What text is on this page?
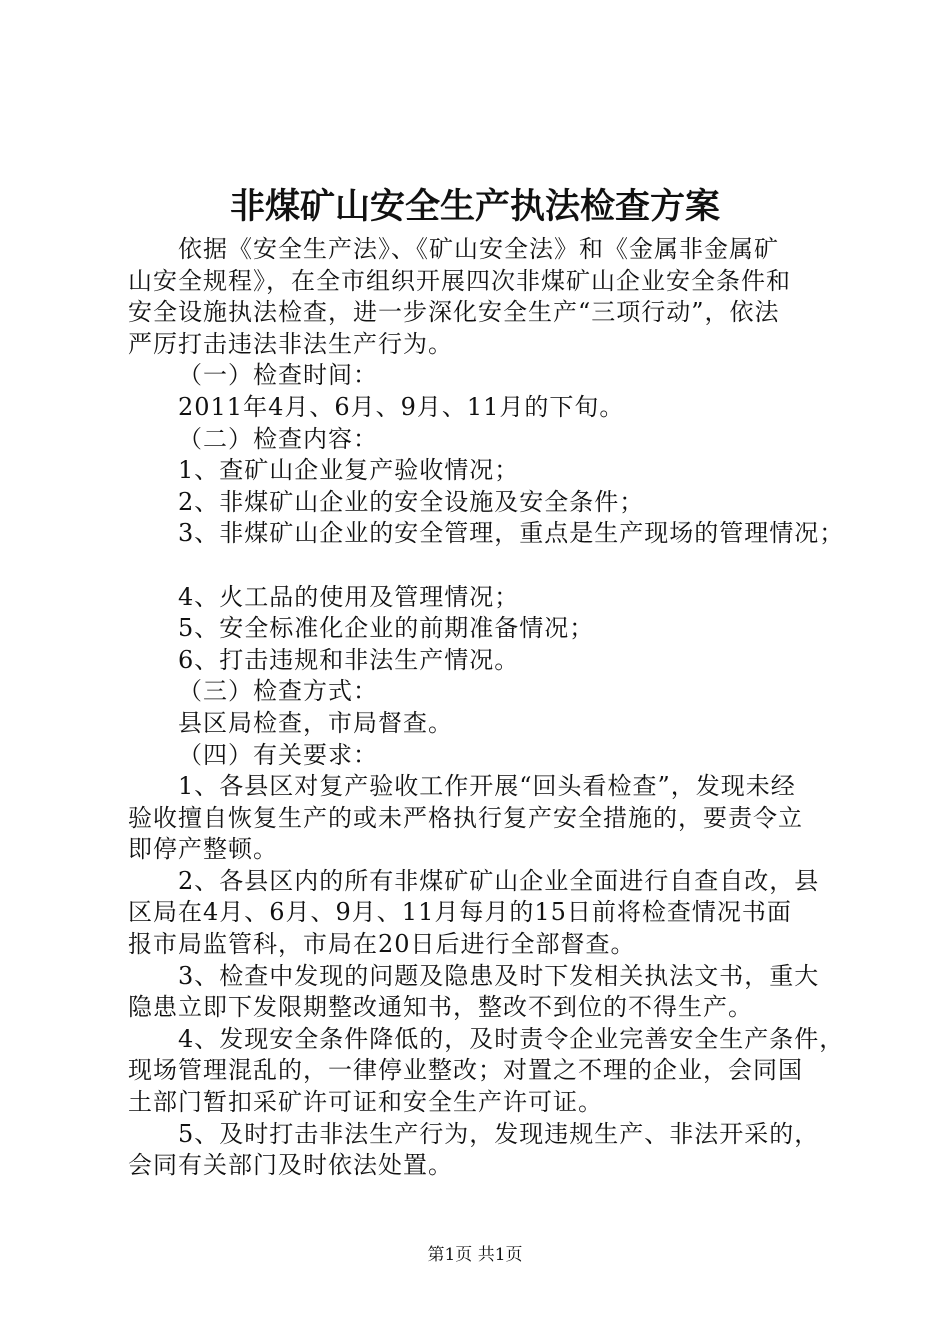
非煤矿山安全生产执法检查方案

依据《安全生产法》、《矿山安全法》和《金属非金属矿

山安全规程》，在全市组织开展四次非煤矿山企业安全条件和

安全设施执法检查，进一步深化安全生产“三项行动”，依法

严厉打击违法非法生产行为。

（一）检查时间：

2011年4月、6月、9月、11月的下旬。

（二）检查内容：

1、查矿山企业复产验收情况；

2、非煤矿山企业的安全设施及安全条件；

3、非煤矿山企业的安全管理，重点是生产现场的管理情况；

4、火工品的使用及管理情况；

5、安全标准化企业的前期准备情况；

6、打击违规和非法生产情况。

（三）检查方式：

县区局检查，市局督查。

（四）有关要求：

1、各县区对复产验收工作开展“回头看检查”，发现未经

验收擅自恢复生产的或未严格执行复产安全措施的，要责令立

即停产整顿。

2、各县区内的所有非煤矿矿山企业全面进行自查自改，县

区局在4月、6月、9月、11月每月的15日前将检查情况书面

报市局监管科，市局在20日后进行全部督查。

3、检查中发现的问题及隐患及时下发相关执法文书，重大

隐患立即下发限期整改通知书，整改不到位的不得生产。

4、发现安全条件降低的，及时责令企业完善安全生产条件，

现场管理混乱的，一律停业整改；对置之不理的企业，会同国

土部门暂扣采矿许可证和安全生产许可证。

5、及时打击非法生产行为，发现违规生产、非法开采的，

会同有关部门及时依法处置。

第1页 共1页
